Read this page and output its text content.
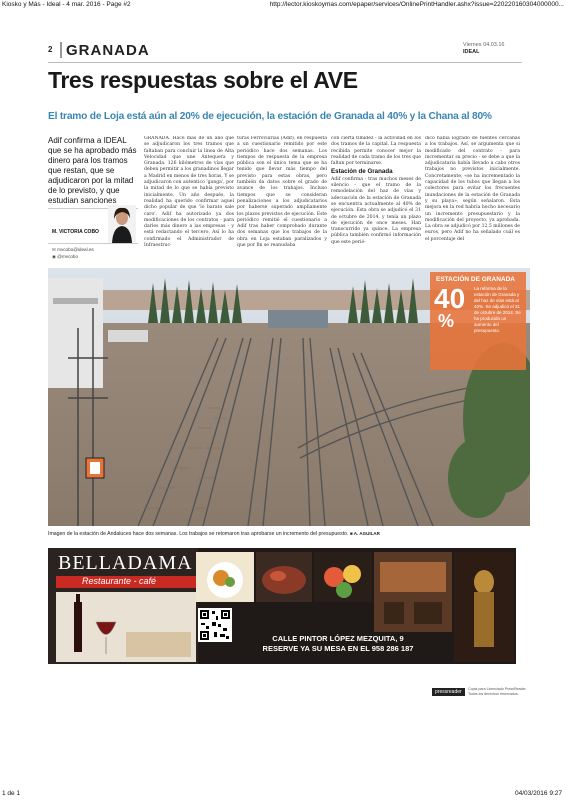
Kiosko y Más - Ideal - 4 mar. 2016 - Page #2	http://lector.kioskoymas.com/epaper/services/OnlinePrintHandler.ashx?issue=220220160304000000...
2 GRANADA	Viernes 04.03.16
IDEAL
Tres respuestas sobre el AVE
El tramo de Loja está aún al 20% de ejecución, la estación de Granada al 40% y la Chana al 80%
Adif confirma a IDEAL que se ha aprobado más dinero para los tramos que restan, que se adjudicaron por la mitad de lo previsto, y que estudian sanciones
M. VICTORIA COBO
✉ mvcobo@ideal.es
◉ @mvcobo
GRANADA. Hace más de un año que se adjudicaron los tres tramos que faltaban para concluir la línea de Alta Velocidad que une Antequera y Granada. 126 kilómetros de vías que deben permitir a los granadinos llegar a Madrid en menos de tres horas. Y se adjudicaron con autentico 'ganga', por la mitad de lo que se había previsto inicialmente. Un año después, la realidad ha querido confirmar aquel dicho popular de que 'lo barato sale caro'. Adif ha autorizado ya dos modificaciones de los contratos - para darles más dinero a las empresas - y está redactando el tercero. Así lo ha confirmado el Administrador de Infraestruc-
turas Ferroviarias (Adif), en respuesta a un cuestionario remitido por este periódico hace dos semanas. Los tiempos de respuesta de la empresa pública son el único tema que se ha tenido que llevar más tiempo del previsto para estas obras, pero también da datos sobre el grado de avance de los trabajos. Incluso tiempos que se consideran penalizaciones a los adjudicatarios por haberse superado ampliamente los plazos previstos de ejecución. Este periódico remitió el cuestionario a Adif tras haber comprobado durante dos semanas que los trabajos de la obra en Loja estaban paralizados y que por fin se reanudaba
con cierta timidez - la actividad en los dos tramos de la capital. La respuesta recibida permite conocer mejor la realidad de cada tramo de los tres que faltan por terminarse.
Estación de Granada
Adif confirma - tras muchos meses de silencio - que el tramo de la remodelación del haz de vías y adecuación de la estación de Granada se encuentra actualmente al 40% de ejecución. Esta obra se adjudicó el 31 de octubre de 2014, y tenía un plazo de ejecución de once meses. Han transcurrido ya quince. La empresa pública también confirmó información que este perió-
dico había logrado de fuentes cercanas a los trabajos. Así, se argumenta que si modificado del contrato - para incrementar su precio - se debe a que la adjudicataria había llevado a cabo otros trabajos no previstos inicialmente. Concretamente, «se ha incrementado la capacidad de los tubos que llegan a los colectores para evitar los frecuentes inundaciones de la estación de Granada y su playa», según señalaron. Esta mejora en la red habría hecho necesario un incremento presupuestario y la modificación del proyecto, ya aprobada. La obra se adjudicó por 12,5 millones de euros, pero Adif no ha señalado cuál es el porcentaje del
ESTACIÓN DE GRANADA
40
%
La reforma de la estación de Granada y del haz de vías está al 40%. Se adjudicó el 31 de octubre de 2014. Se ha producido un aumento del presupuesto.
Imagen de la estación de Andaluces hace dos semanas. Los trabajos se retomaron tras aprobarse un incremento del presupuesto. ■ A. AGUILAR
BELLADAMA
Restaurante - café
CALLE PINTOR LÓPEZ MEZQUITA, 9
RESERVE YA SU MESA EN EL 958 286 187
pressreader	Copia para Licenciado PressReader. Todos los derechos reservados.
1 de 1	04/03/2016 9:27
